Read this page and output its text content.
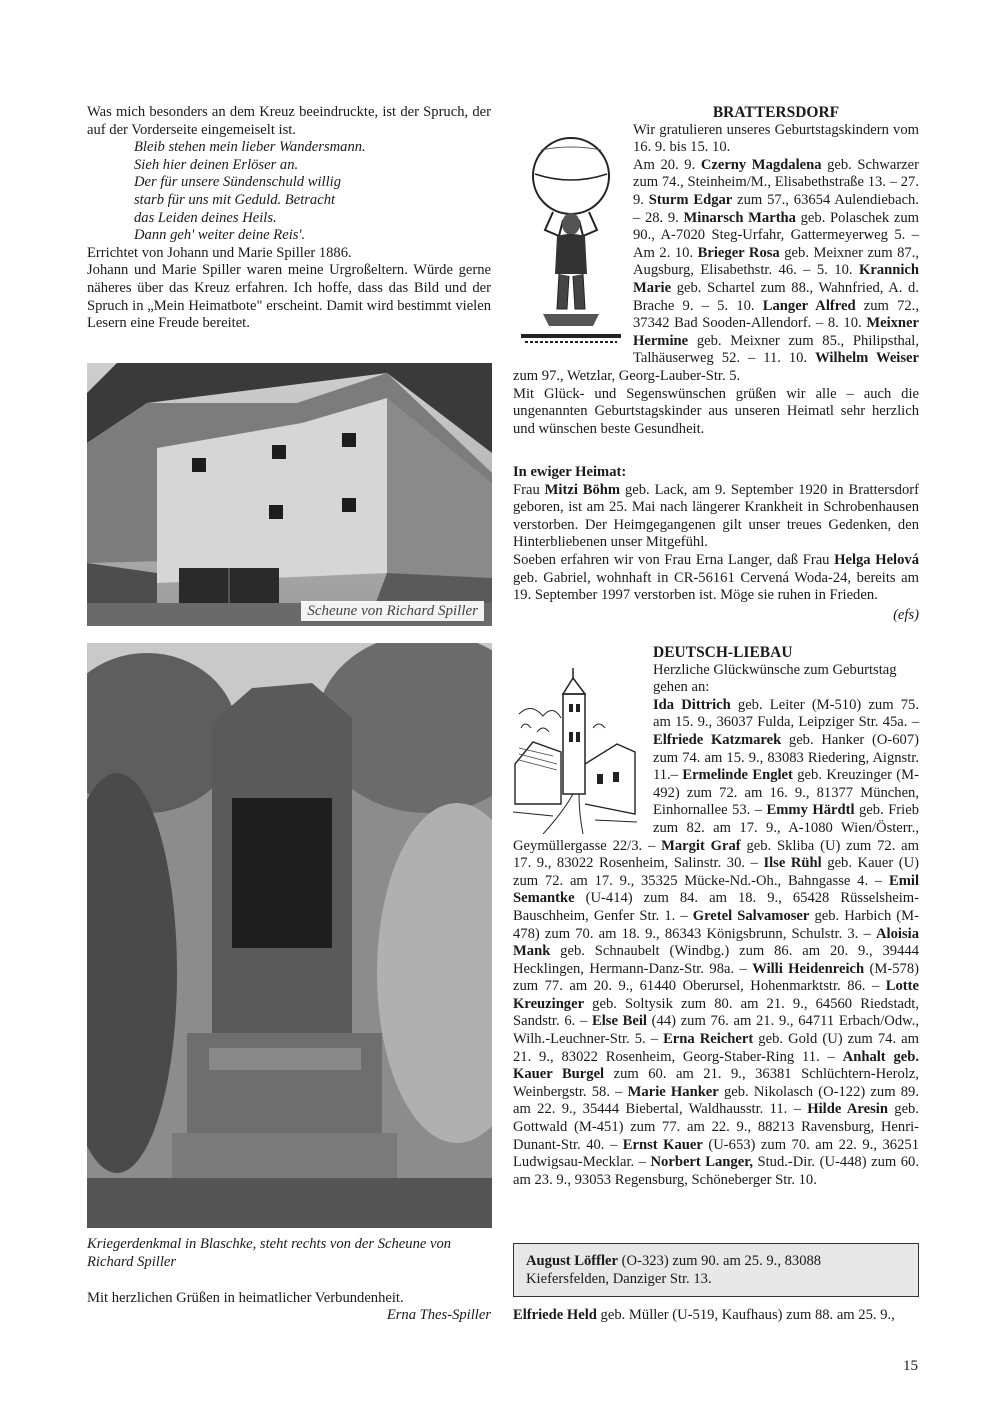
Was mich besonders an dem Kreuz beeindruckte, ist der Spruch, der auf der Vorderseite eingemeiselt ist.

Bleib stehen mein lieber Wandersmann.
Sieh hier deinen Erlöser an.
Der für unsere Sündenschuld willig
starb für uns mit Geduld. Betracht
das Leiden deines Heils.
Dann geh' weiter deine Reis'.

Errichtet von Johann und Marie Spiller 1886.

Johann und Marie Spiller waren meine Urgroßeltern. Würde gerne näheres über das Kreuz erfahren. Ich hoffe, dass das Bild und der Spruch in „Mein Heimatbote" erscheint. Damit wird bestimmt vielen Lesern eine Freude bereitet.

Scheune von Richard Spiller
Kriegerdenkmal in Blaschke, steht rechts von der Scheune von Richard Spiller
Mit herzlichen Grüßen in heimatlicher Verbundenheit.
Erna Thes-Spiller
BRATTERSDORF

Wir gratulieren unseres Geburtstagskindern vom 16. 9. bis 15. 10.

Am 20. 9. Czerny Magdalena geb. Schwarzer zum 74., Steinheim/M., Elisabethstraße 13. – 27. 9. Sturm Edgar zum 57., 63654 Aulendiebach. – 28. 9. Minarsch Martha geb. Polaschek zum 90., A-7020 Steg-Urfahr, Gattermeyerweg 5. – Am 2. 10. Brieger Rosa geb. Meixner zum 87., Augsburg, Elisabethstr. 46. – 5. 10. Krannich Marie geb. Schartel zum 88., Wahnfried, A. d. Brache 9. – 5. 10. Langer Alfred zum 72., 37342 Bad Sooden-Allendorf. – 8. 10. Meixner Hermine geb. Meixner zum 85., Philipsthal, Talhäuserweg 52. – 11. 10. Wilhelm Weiser zum 97., Wetzlar, Georg-Lauber-Str. 5.

Mit Glück- und Segenswünschen grüßen wir alle – auch die ungenannten Geburtstagskinder aus unseren Heimatl sehr herzlich und wünschen beste Gesundheit.

In ewiger Heimat:

Frau Mitzi Böhm geb. Lack, am 9. September 1920 in Brattersdorf geboren, ist am 25. Mai nach längerer Krankheit in Schrobenhausen verstorben. Der Heimgegangenen gilt unser treues Gedenken, den Hinterbliebenen unser Mitgefühl.

Soeben erfahren wir von Frau Erna Langer, daß Frau Helga Helová geb. Gabriel, wohnhaft in CR-56161 Cervená Woda-24, bereits am 19. September 1997 verstorben ist. Möge sie ruhen in Frieden.

(efs)
DEUTSCH-LIEBAU

Herzliche Glückwünsche zum Geburtstag gehen an:

Ida Dittrich geb. Leiter (M-510) zum 75. am 15. 9., 36037 Fulda, Leipziger Str. 45a. – Elfriede Katzmarek geb. Hanker (O-607) zum 74. am 15. 9., 83083 Riedering, Aignstr. 11.– Ermelinde Englet geb. Kreuzinger (M-492) zum 72. am 16. 9., 81377 München, Einhornallee 53. – Emmy Härdtl geb. Frieb zum 82. am 17. 9., A-1080 Wien/Österr., Geymüllergasse 22/3. – Margit Graf geb. Skliba (U) zum 72. am 17. 9., 83022 Rosenheim, Salinstr. 30. – Ilse Rühl geb. Kauer (U) zum 72. am 17. 9., 35325 Mücke-Nd.-Oh., Bahngasse 4. – Emil Semantke (U-414) zum 84. am 18. 9., 65428 Rüsselsheim-Bauschheim, Genfer Str. 1. – Gretel Salvamoser geb. Harbich (M-478) zum 70. am 18. 9., 86343 Königsbrunn, Schulstr. 3. – Aloisia Mank geb. Schnaubelt (Windbg.) zum 86. am 20. 9., 39444 Hecklingen, Hermann-Danz-Str. 98a. – Willi Heidenreich (M-578) zum 77. am 20. 9., 61440 Oberursel, Hohenmarktstr. 86. – Lotte Kreuzinger geb. Soltysik zum 80. am 21. 9., 64560 Riedstadt, Sandstr. 6. – Else Beil (44) zum 76. am 21. 9., 64711 Erbach/Odw., Wilh.-Leuchner-Str. 5. – Erna Reichert geb. Gold (U) zum 74. am 21. 9., 83022 Rosenheim, Georg-Staber-Ring 11. – Anhalt geb. Kauer Burgel zum 60. am 21. 9., 36381 Schlüchtern-Herolz, Weinbergstr. 58. – Marie Hanker geb. Nikolasch (O-122) zum 89. am 22. 9., 35444 Biebertal, Waldhausstr. 11. – Hilde Aresin geb. Gottwald (M-451) zum 77. am 22. 9., 88213 Ravensburg, Henri-Dunant-Str. 40. – Ernst Kauer (U-653) zum 70. am 22. 9., 36251 Ludwigsau-Mecklar. – Norbert Langer, Stud.-Dir. (U-448) zum 60. am 23. 9., 93053 Regensburg, Schöneberger Str. 10.

August Löffler (O-323) zum 90. am 25. 9., 83088 Kiefersfelden, Danziger Str. 13.
Elfriede Held geb. Müller (U-519, Kaufhaus) zum 88. am 25. 9.,
15
